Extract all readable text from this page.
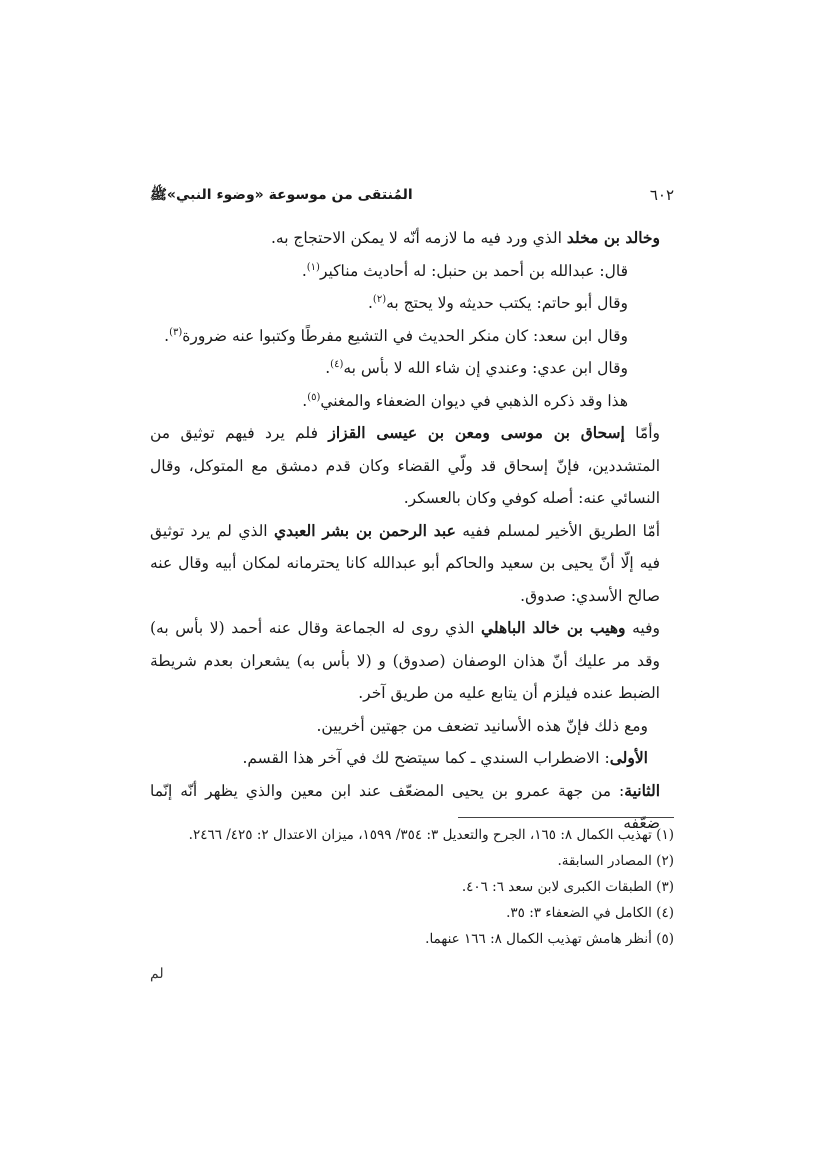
٦٠٢
المُنتقى من موسوعة «وضوء النبي»ﷺ

وخالد بن مخلد الذي ورد فيه ما لازمه أنّه لا يمكن الاحتجاج به.

قال: عبدالله بن أحمد بن حنبل: له أحاديث مناكير$^{(١)}$.

وقال أبو حاتم: يكتب حديثه ولا يحتج به$^{(٢)}$.

وقال ابن سعد: كان منكر الحديث في التشيع مفرطًا وكتبوا عنه ضرورة$^{(٣)}$.

وقال ابن عدي: وعندي إن شاء الله لا بأس به$^{(٤)}$.

هذا وقد ذكره الذهبي في ديوان الضعفاء والمغني$^{(٥)}$.

وأمّا إسحاق بن موسى ومعن بن عيسى القزاز فلم يرد فيهم توثيق من المتشددين، فإنّ إسحاق قد ولّي القضاء وكان قدم دمشق مع المتوكل، وقال النسائي عنه: أصله كوفي وكان بالعسكر.

أمّا الطريق الأخير لمسلم ففيه عبد الرحمن بن بشر العبدي الذي لم يرد توثيق فيه إلّا أنّ يحيى بن سعيد والحاكم أبو عبدالله كانا يحترمانه لمكان أبيه وقال عنه صالح الأسدي: صدوق.

وفيه وهيب بن خالد الباهلي الذي روى له الجماعة وقال عنه أحمد (لا بأس به) وقد مر عليك أنّ هذان الوصفان (صدوق) و (لا بأس به) يشعران بعدم شريطة الضبط عنده فيلزم أن يتابع عليه من طريق آخر.

ومع ذلك فإنّ هذه الأسانيد تضعف من جهتين أخريين.

الأولى: الاضطراب السندي ـ كما سيتضح لك في آخر هذا القسم.

الثانية: من جهة عمرو بن يحيى المضعّف عند ابن معين والذي يظهر أنّه إنّما ضعّفه

(١) تهذيب الكمال ٨: ١٦٥، الجرح والتعديل ٣: ٣٥٤/ ١٥٩٩، ميزان الاعتدال ٢: ٤٢٥/ ٢٤٦٦.

(٢) المصادر السابقة.

(٣) الطبقات الكبرى لابن سعد ٦: ٤٠٦.

(٤) الكامل في الضعفاء ٣: ٣٥.

(٥) أنظر هامش تهذيب الكمال ٨: ١٦٦ عنهما.

لم
